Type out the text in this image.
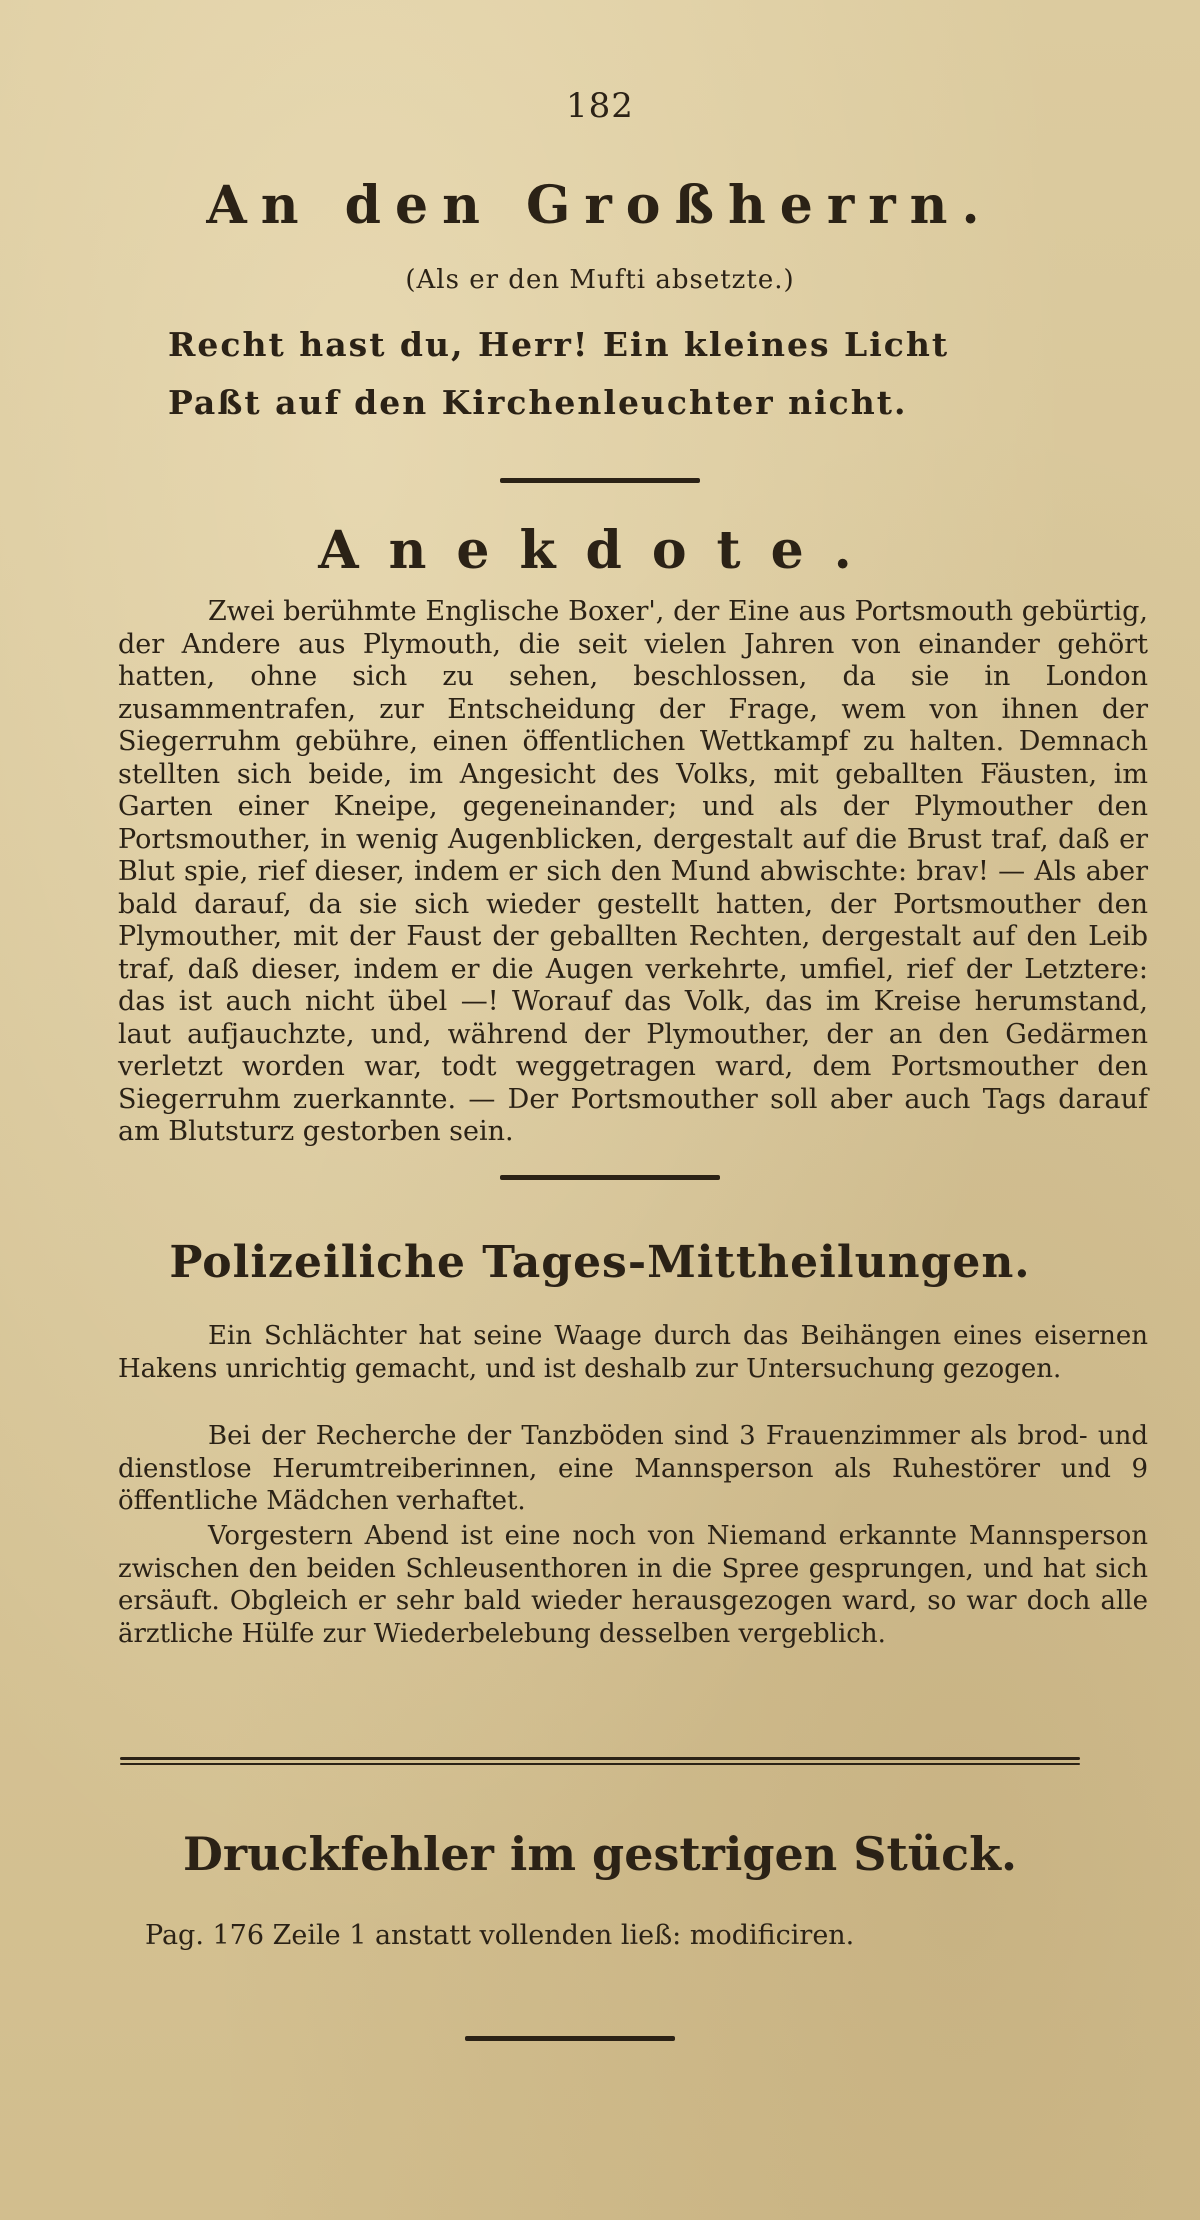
182
An den Großherrn.
(Als er den Mufti absetzte.)
Recht hast du, Herr! Ein kleines Licht
Paßt auf den Kirchenleuchter nicht.
Anekdote.
Zwei berühmte Englische Boxer', der Eine aus Portsmouth gebürtig, der Andere aus Plymouth, die seit vielen Jahren von einander gehört hatten, ohne sich zu sehen, beschlossen, da sie in London zusammentrafen, zur Entscheidung der Frage, wem von ihnen der Siegerruhm gebühre, einen öffentlichen Wettkampf zu halten. Demnach stellten sich beide, im Angesicht des Volks, mit geballten Fäusten, im Garten einer Kneipe, gegeneinander; und als der Plymouther den Portsmouther, in wenig Augenblicken, dergestalt auf die Brust traf, daß er Blut spie, rief dieser, indem er sich den Mund abwischte: brav! — Als aber bald darauf, da sie sich wieder gestellt hatten, der Portsmouther den Plymouther, mit der Faust der geballten Rechten, dergestalt auf den Leib traf, daß dieser, indem er die Augen verkehrte, umfiel, rief der Letztere: das ist auch nicht übel —! Worauf das Volk, das im Kreise herumstand, laut aufjauchzte, und, während der Plymouther, der an den Gedärmen verletzt worden war, todt weggetragen ward, dem Portsmouther den Siegerruhm zuerkannte. — Der Portsmouther soll aber auch Tags darauf am Blutsturz gestorben sein.
Polizeiliche Tages-Mittheilungen.
Ein Schlächter hat seine Waage durch das Beihängen eines eisernen Hakens unrichtig gemacht, und ist deshalb zur Untersuchung gezogen.
Bei der Recherche der Tanzböden sind 3 Frauenzimmer als brod- und dienstlose Herumtreiberinnen, eine Mannsperson als Ruhestörer und 9 öffentliche Mädchen verhaftet.
Vorgestern Abend ist eine noch von Niemand erkannte Mannsperson zwischen den beiden Schleusenthoren in die Spree gesprungen, und hat sich ersäuft. Obgleich er sehr bald wieder herausgezogen ward, so war doch alle ärztliche Hülfe zur Wiederbelebung desselben vergeblich.
Druckfehler im gestrigen Stück.
Pag. 176 Zeile 1 anstatt vollenden ließ: modificiren.
